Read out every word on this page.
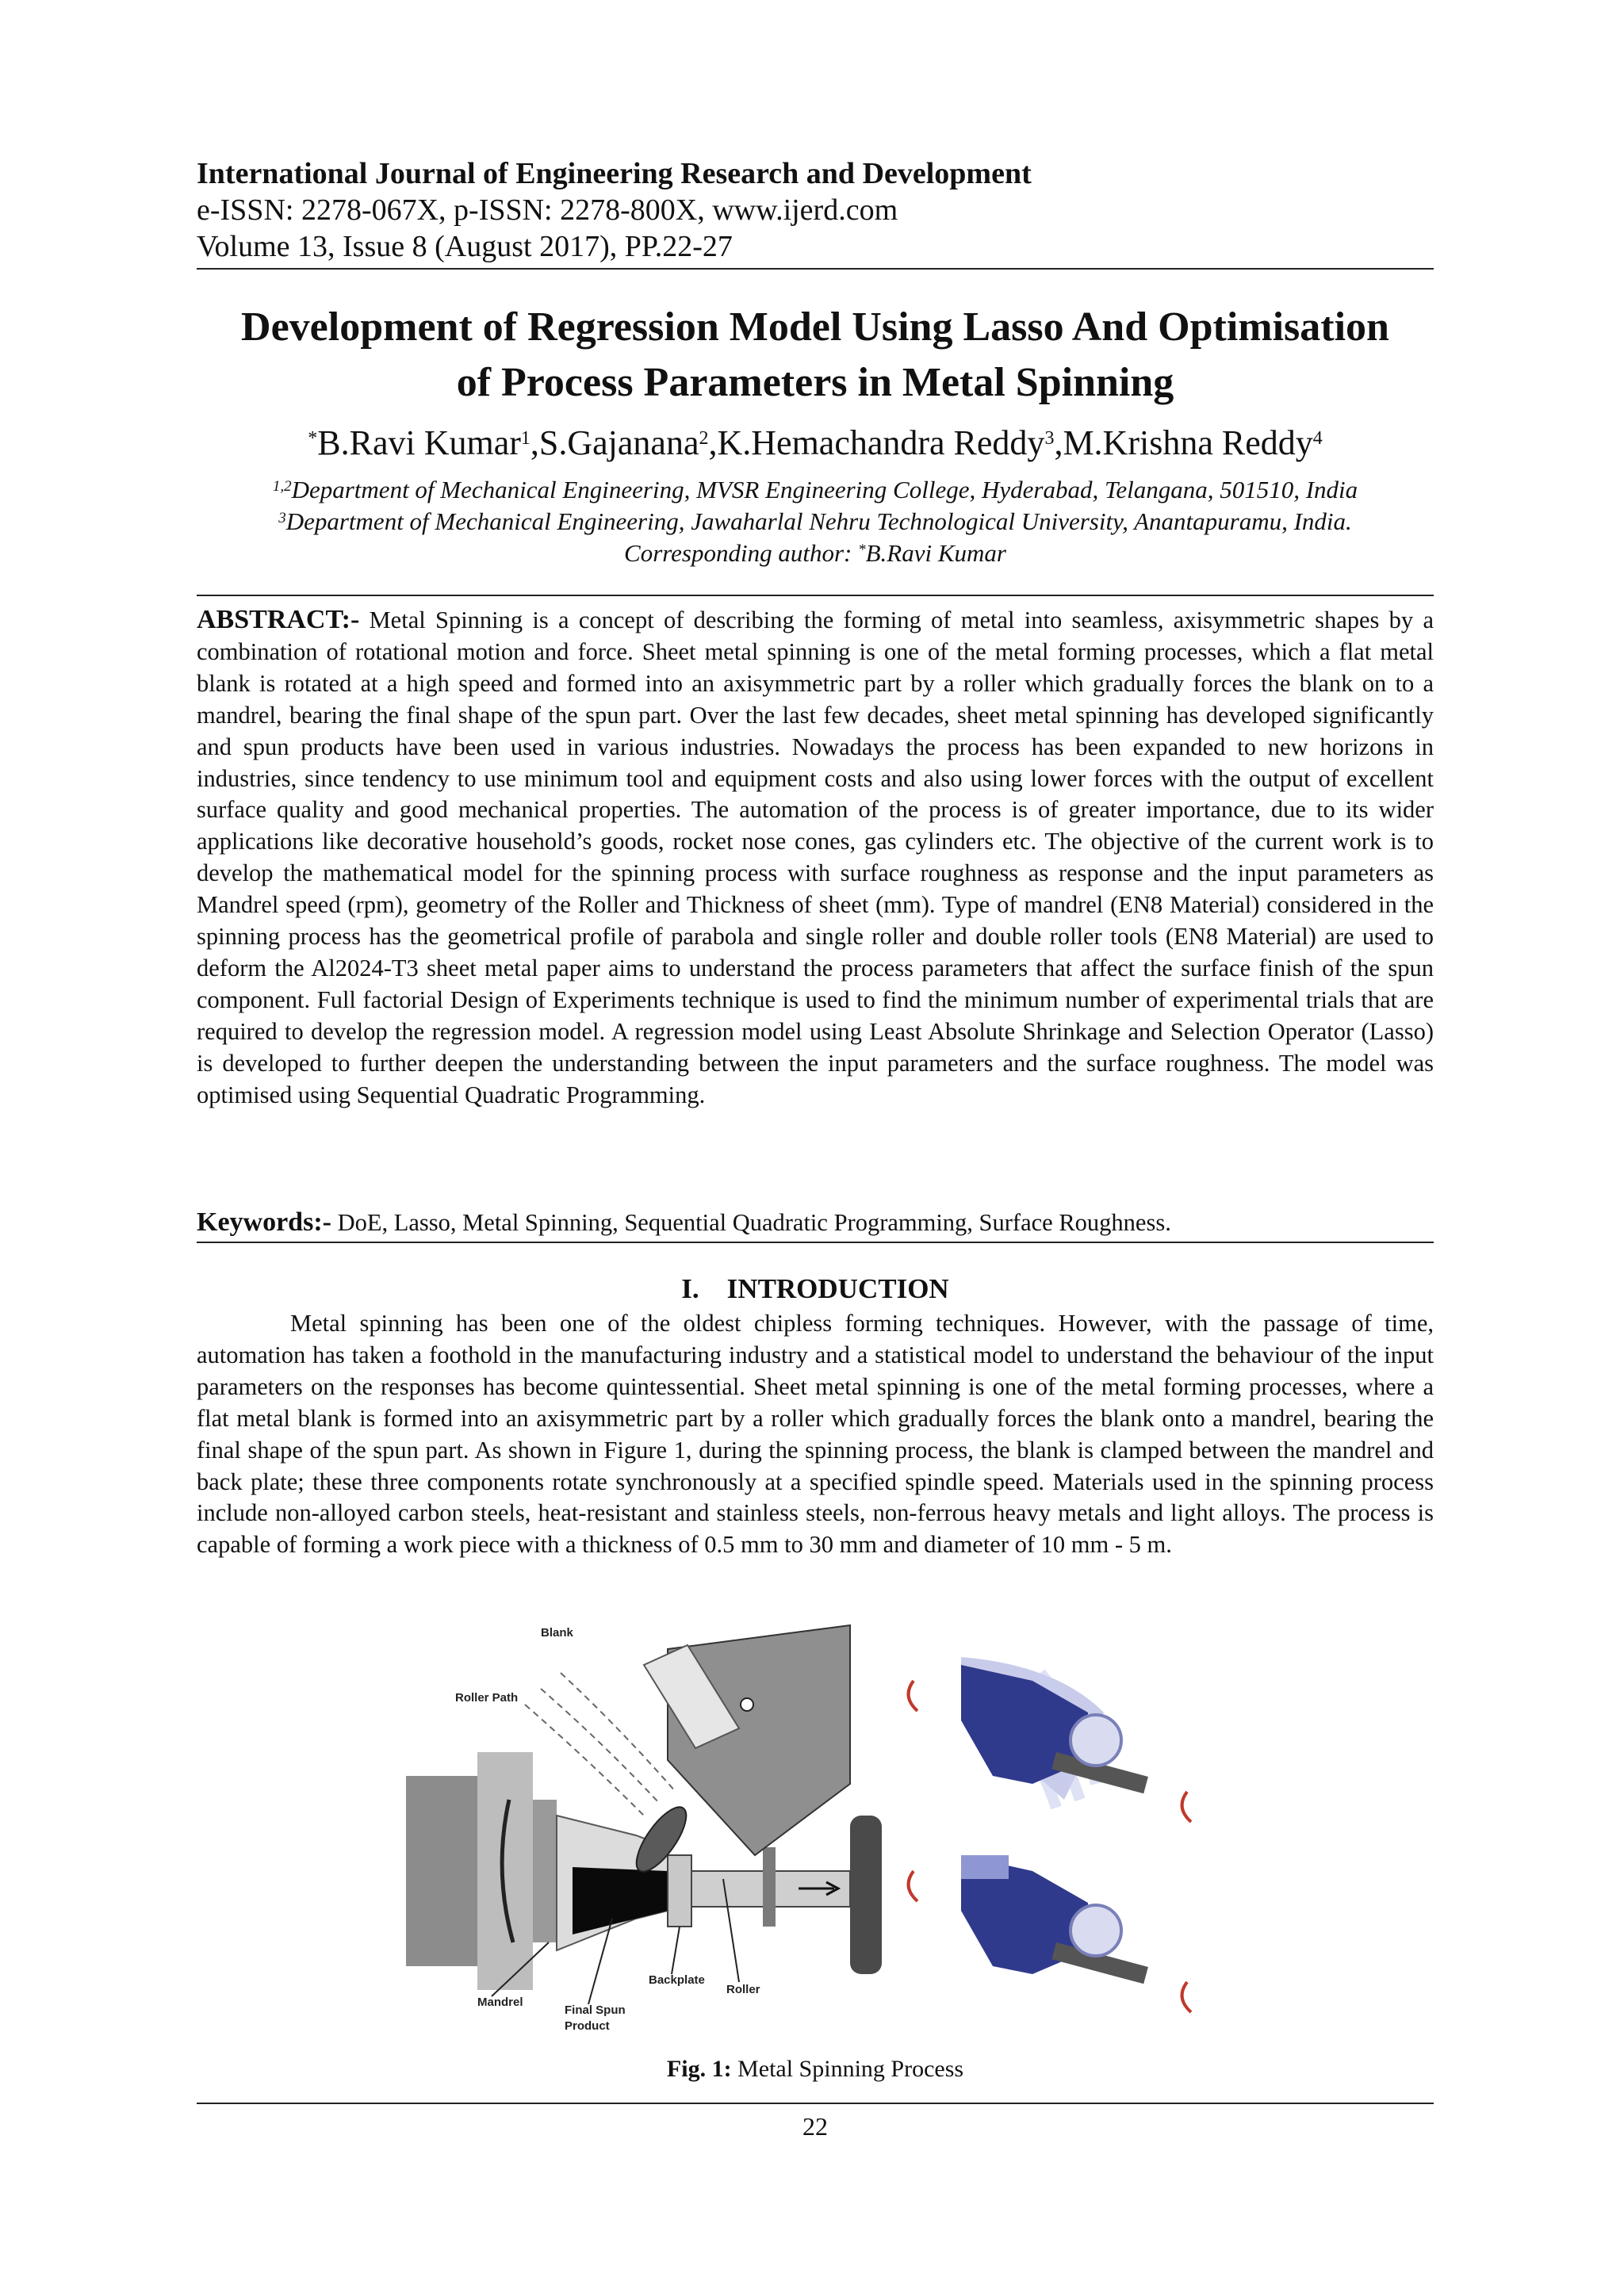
International Journal of Engineering Research and Development
e-ISSN: 2278-067X, p-ISSN: 2278-800X, www.ijerd.com
Volume 13, Issue 8 (August 2017), PP.22-27
Development of Regression Model Using Lasso And Optimisation
of Process Parameters in Metal Spinning
*B.Ravi Kumar$^1$,S.Gajanana$^2$,K.Hemachandra Reddy$^3$,M.Krishna Reddy$^4$
$^{1,2}$Department of Mechanical Engineering, MVSR Engineering College, Hyderabad, Telangana, 501510, India
$^3$Department of Mechanical Engineering, Jawaharlal Nehru Technological University, Anantapuramu, India.
Corresponding author: *B.Ravi Kumar
ABSTRACT:- Metal Spinning is a concept of describing the forming of metal into seamless, axisymmetric shapes by a combination of rotational motion and force. Sheet metal spinning is one of the metal forming processes, which a flat metal blank is rotated at a high speed and formed into an axisymmetric part by a roller which gradually forces the blank on to a mandrel, bearing the final shape of the spun part. Over the last few decades, sheet metal spinning has developed significantly and spun products have been used in various industries. Nowadays the process has been expanded to new horizons in industries, since tendency to use minimum tool and equipment costs and also using lower forces with the output of excellent surface quality and good mechanical properties. The automation of the process is of greater importance, due to its wider applications like decorative household’s goods, rocket nose cones, gas cylinders etc. The objective of the current work is to develop the mathematical model for the spinning process with surface roughness as response and the input parameters as Mandrel speed (rpm), geometry of the Roller and Thickness of sheet (mm). Type of mandrel (EN8 Material) considered in the spinning process has the geometrical profile of parabola and single roller and double roller tools (EN8 Material) are used to deform the Al2024-T3 sheet metal paper aims to understand the process parameters that affect the surface finish of the spun component. Full factorial Design of Experiments technique is used to find the minimum number of experimental trials that are required to develop the regression model. A regression model using Least Absolute Shrinkage and Selection Operator (Lasso) is developed to further deepen the understanding between the input parameters and the surface roughness. The model was optimised using Sequential Quadratic Programming.
Keywords:- DoE, Lasso, Metal Spinning, Sequential Quadratic Programming, Surface Roughness.
I.    INTRODUCTION
Metal spinning has been one of the oldest chipless forming techniques. However, with the passage of time, automation has taken a foothold in the manufacturing industry and a statistical model to understand the behaviour of the input parameters on the responses has become quintessential. Sheet metal spinning is one of the metal forming processes, where a flat metal blank is formed into an axisymmetric part by a roller which gradually forces the blank onto a mandrel, bearing the final shape of the spun part. As shown in Figure 1, during the spinning process, the blank is clamped between the mandrel and back plate; these three components rotate synchronously at a specified spindle speed. Materials used in the spinning process include non-alloyed carbon steels, heat-resistant and stainless steels, non-ferrous heavy metals and light alloys. The process is capable of forming a work piece with a thickness of 0.5 mm to 30 mm and diameter of 10 mm - 5 m.
Blank
Roller Path
Mandrel
Final Spun
Product
Backplate
Roller
Fig. 1: Metal Spinning Process
22
